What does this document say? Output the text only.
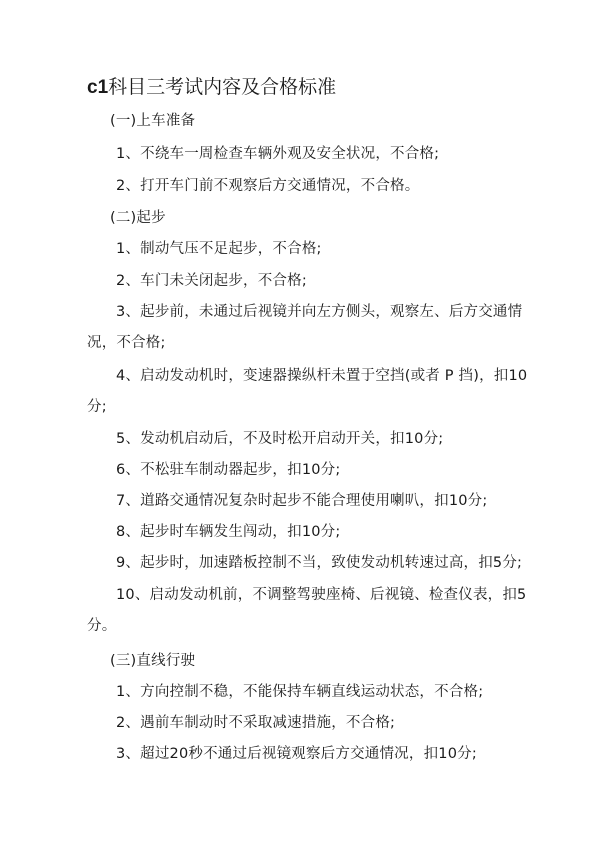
c1科目三考试内容及合格标准
(一)上车准备
1、不绕车一周检查车辆外观及安全状况，不合格;
2、打开车门前不观察后方交通情况，不合格。
(二)起步
1、制动气压不足起步，不合格;
2、车门未关闭起步，不合格;
3、起步前，未通过后视镜并向左方侧头，观察左、后方交通情
况，不合格;
4、启动发动机时，变速器操纵杆未置于空挡(或者 P 挡)，扣10
分;
5、发动机启动后，不及时松开启动开关，扣10分;
6、不松驻车制动器起步，扣10分;
7、道路交通情况复杂时起步不能合理使用喇叭，扣10分;
8、起步时车辆发生闯动，扣10分;
9、起步时，加速踏板控制不当，致使发动机转速过高，扣5分;
10、启动发动机前，不调整驾驶座椅、后视镜、检查仪表，扣5
分。
(三)直线行驶
1、方向控制不稳，不能保持车辆直线运动状态，不合格;
2、遇前车制动时不采取减速措施，不合格;
3、超过20秒不通过后视镜观察后方交通情况，扣10分;
